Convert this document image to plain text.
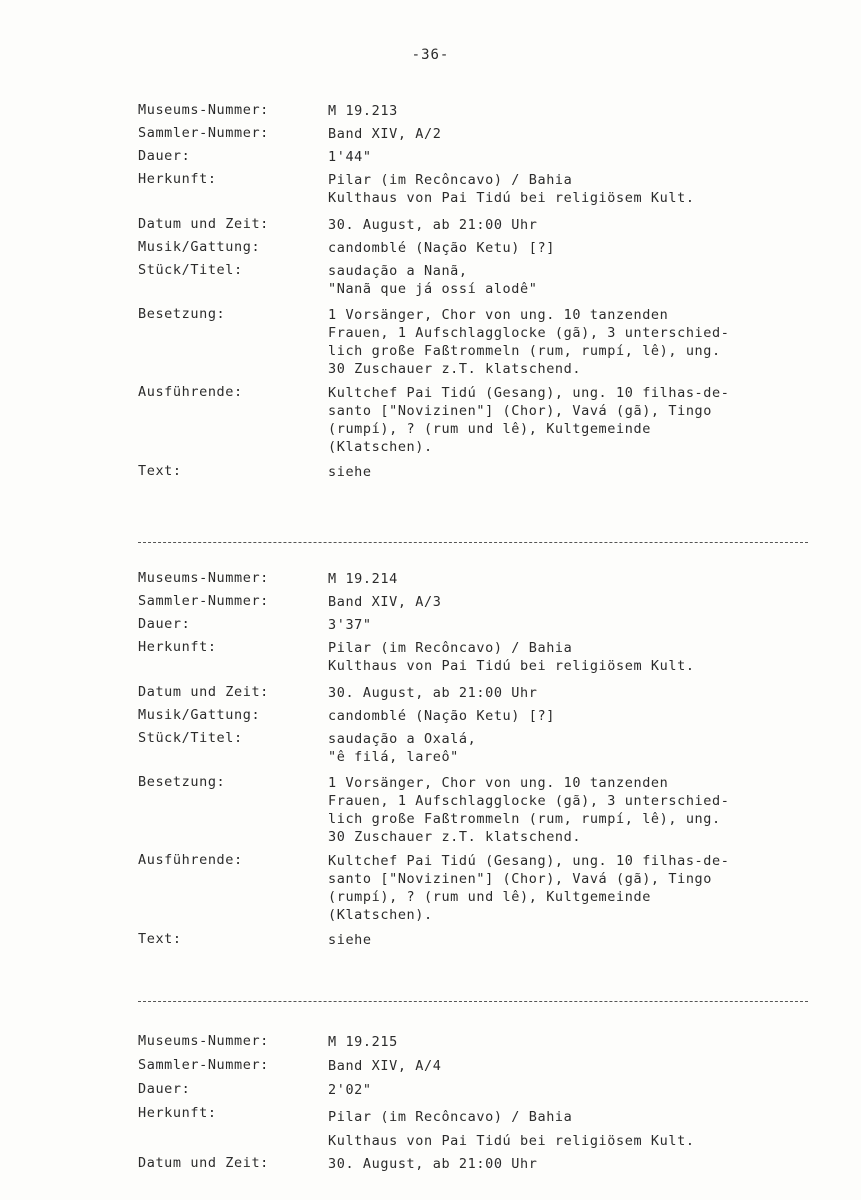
-36-
Museums-Nummer:	M 19.213
Sammler-Nummer:	Band XIV, A/2
Dauer:	1'44"
Herkunft:	Pilar (im Recôncavo) / Bahia
Kulthaus von Pai Tidú bei religiösem Kult.
Datum und Zeit:	30. August, ab 21:00 Uhr
Musik/Gattung:	candomblé (Nação Ketu) [?]
Stück/Titel:	saudação a Nanã,
"Nanã que já ossí alodê"
Besetzung:	1 Vorsänger, Chor von ung. 10 tanzenden
Frauen, 1 Aufschlagglocke (gã), 3 unterschied-
lich große Faßtrommeln (rum, rumpí, lê), ung.
30 Zuschauer z.T. klatschend.
Ausführende:	Kultchef Pai Tidú (Gesang), ung. 10 filhas-de-
santo ["Novizinen"] (Chor), Vavá (gã), Tingo
(rumpí), ? (rum und lê), Kultgemeinde
(Klatschen).
Text:	siehe
Museums-Nummer:	M 19.214
Sammler-Nummer:	Band XIV, A/3
Dauer:	3'37"
Herkunft:	Pilar (im Recôncavo) / Bahia
Kulthaus von Pai Tidú bei religiösem Kult.
Datum und Zeit:	30. August, ab 21:00 Uhr
Musik/Gattung:	candomblé (Nação Ketu) [?]
Stück/Titel:	saudação a Oxalá,
"ê filá, lareô"
Besetzung:	1 Vorsänger, Chor von ung. 10 tanzenden
Frauen, 1 Aufschlagglocke (gã), 3 unterschied-
lich große Faßtrommeln (rum, rumpí, lê), ung.
30 Zuschauer z.T. klatschend.
Ausführende:	Kultchef Pai Tidú (Gesang), ung. 10 filhas-de-
santo ["Novizinen"] (Chor), Vavá (gã), Tingo
(rumpí), ? (rum und lê), Kultgemeinde
(Klatschen).
Text:	siehe
Museums-Nummer:	M 19.215
Sammler-Nummer:	Band XIV, A/4
Dauer:	2'02"
Herkunft:	Pilar (im Recôncavo) / Bahia
Kulthaus von Pai Tidú bei religiösem Kult.
Datum und Zeit:	30. August, ab 21:00 Uhr
